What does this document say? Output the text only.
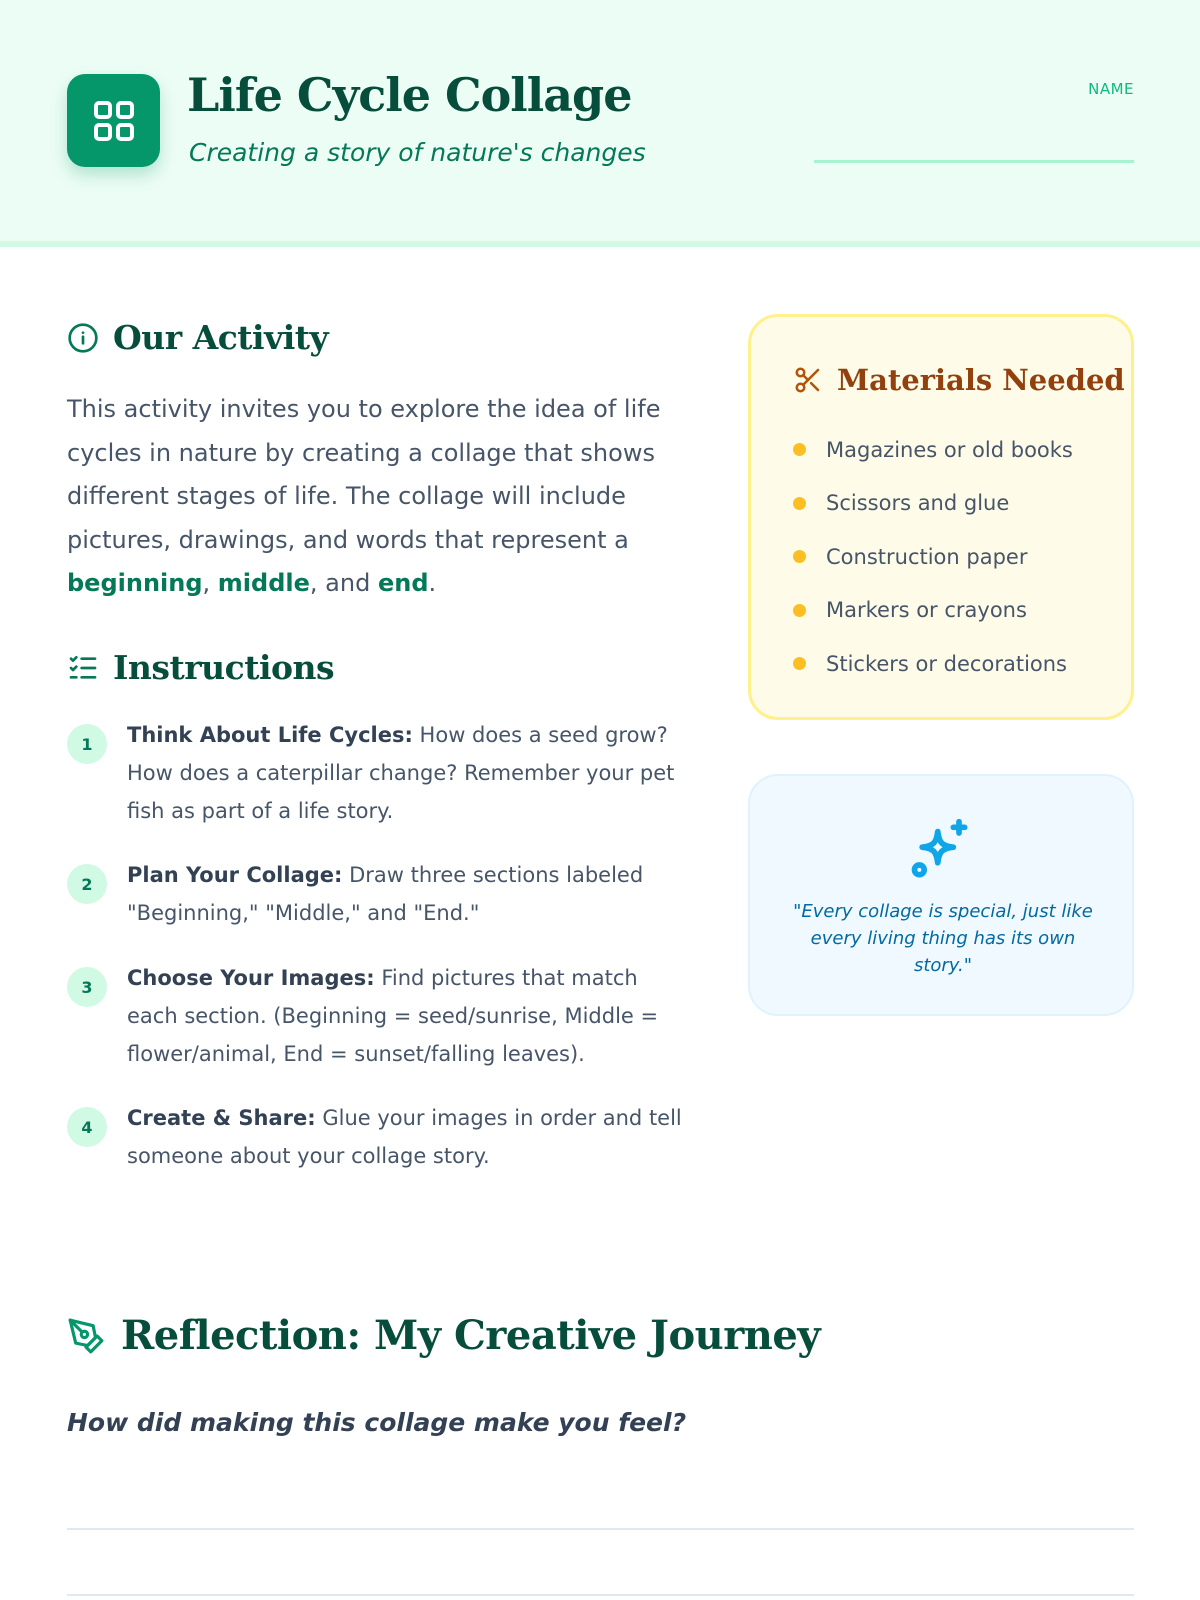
Life Cycle Collage
Creating a story of nature's changes
NAME
Our Activity

This activity invites you to explore the idea of life cycles in nature by creating a collage that shows different stages of life. The collage will include pictures, drawings, and words that represent a beginning, middle, and end.

Instructions
1	Think About Life Cycles: How does a seed grow? How does a caterpillar change? Remember your pet fish as part of a life story.
2	Plan Your Collage: Draw three sections labeled "Beginning," "Middle," and "End."
3	Choose Your Images: Find pictures that match each section. (Beginning = seed/sunrise, Middle = flower/animal, End = sunset/falling leaves).
4	Create & Share: Glue your images in order and tell someone about your collage story.
Materials Needed
Magazines or old books
Scissors and glue
Construction paper
Markers or crayons
Stickers or decorations
"Every collage is special, just like every living thing has its own story."
Reflection: My Creative Journey
How did making this collage make you feel?
